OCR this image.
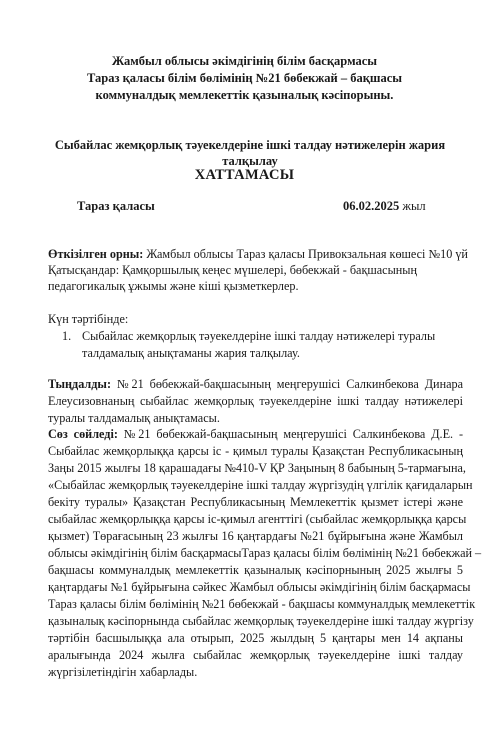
Жамбыл облысы әкімдігінің білім басқармасы
Тараз қаласы білім бөлімінің №21 бөбекжай – бақшасы
коммуналдық мемлекеттік қазыналық кәсіпорыны.
Сыбайлас жемқорлық тәуекелдеріне ішкі талдау нәтижелерін жария
талқылау
ХАТТАМАСЫ
Тараз қаласы	06.02.2025 жыл
Өткізілген орны: Жамбыл облысы Тараз қаласы Привокзальная көшесі №10 үй
Қатысқандар: Қамқоршылық кеңес мүшелері, бөбекжай - бақшасының
педагогикалық ұжымы және кіші қызметкерлер.
Күн тәртібінде:
1. Сыбайлас жемқорлық тәуекелдеріне ішкі талдау нәтижелері туралы
талдамалық анықтаманы жария талқылау.
Тыңдалды: №21 бөбекжай-бақшасының меңгерушісі Салкинбекова Динара
Елеусизовнаның сыбайлас жемқорлық тәуекелдеріне ішкі талдау нәтижелері
туралы талдамалық анықтамасы.
Сөз сөйледі: №21 бөбекжай-бақшасының меңгерушісі Салкинбекова Д.Е. -
Сыбайлас жемқорлыққа қарсы іс - қимыл туралы Қазақстан Республикасының
Заңы 2015 жылғы 18 қарашадағы №410-V ҚР Заңының 8 бабының 5-тармағына,
«Сыбайлас жемқорлық тәуекелдеріне ішкі талдау жүргізудің үлгілік қағидаларын
бекіту туралы» Қазақстан Республикасының Мемлекеттік қызмет істері және
сыбайлас жемқорлыққа қарсы іс-қимыл агенттігі (сыбайлас жемқорлыққа қарсы
қызмет) Төрағасының 23 жылғы 16 қаңтардағы №21 бұйрығына және Жамбыл
облысы әкімдігінің білім басқармасыТараз қаласы білім бөлімінің №21 бөбекжай –
бақшасы коммуналдық мемлекеттік қазыналық кәсіпорнының 2025 жылғы 5
қаңтардағы №1 бұйрығына сәйкес Жамбыл облысы әкімдігінің білім басқармасы
Тараз қаласы білім бөлімінің №21 бөбекжай - бақшасы коммуналдық мемлекеттік
қазыналық кәсіпорнында сыбайлас жемқорлық тәуекелдеріне ішкі талдау жүргізу
тәртібін басшылыққа ала отырып, 2025 жылдың 5 қаңтары мен 14 ақпаны
аралығында 2024 жылға сыбайлас жемқорлық тәуекелдеріне ішкі талдау
жүргізілетіндігін хабарлады.
